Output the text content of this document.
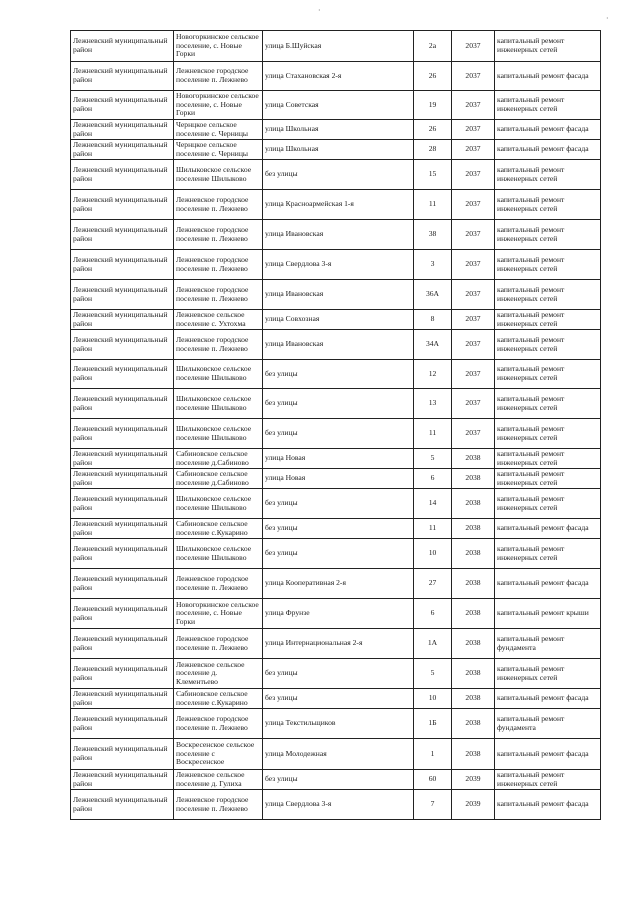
·
·
Лежневский муниципальный район	Новогоркинское сельское поселение, с. Новые Горки	улица Б.Шуйская	2а	2037	капитальный ремонт инженерных сетей
Лежневский муниципальный район	Лежневское городское поселение п. Лежнево	улица Стахановская 2-я	26	2037	капитальный ремонт фасада
Лежневский муниципальный район	Новогоркинское сельское поселение, с. Новые Горки	улица Советская	19	2037	капитальный ремонт инженерных сетей
Лежневский муниципальный район	Чернцкое сельское поселение с. Черницы	улица Школьная	26	2037	капитальный ремонт фасада
Лежневский муниципальный район	Чернцкое сельское поселение с. Черницы	улица Школьная	28	2037	капитальный ремонт фасада
Лежневский муниципальный район	Шилыковское сельское поселение Шилыково	без улицы	15	2037	капитальный ремонт инженерных сетей
Лежневский муниципальный район	Лежневское городское поселение п. Лежнево	улица Красноармейская 1-я	11	2037	капитальный ремонт инженерных сетей
Лежневский муниципальный район	Лежневское городское поселение п. Лежнево	улица Ивановская	38	2037	капитальный ремонт инженерных сетей
Лежневский муниципальный район	Лежневское городское поселение п. Лежнево	улица Свердлова 3-я	3	2037	капитальный ремонт инженерных сетей
Лежневский муниципальный район	Лежневское городское поселение п. Лежнево	улица Ивановская	36А	2037	капитальный ремонт инженерных сетей
Лежневский муниципальный район	Лежневское сельское поселение с. Ухтохма	улица Совхозная	8	2037	капитальный ремонт инженерных сетей
Лежневский муниципальный район	Лежневское городское поселение п. Лежнево	улица Ивановская	34А	2037	капитальный ремонт инженерных сетей
Лежневский муниципальный район	Шилыковское сельское поселение Шилыково	без улицы	12	2037	капитальный ремонт инженерных сетей
Лежневский муниципальный район	Шилыковское сельское поселение Шилыково	без улицы	13	2037	капитальный ремонт инженерных сетей
Лежневский муниципальный район	Шилыковское сельское поселение Шилыково	без улицы	11	2037	капитальный ремонт инженерных сетей
Лежневский муниципальный район	Сабиновское сельское поселение д.Сабиново	улица Новая	5	2038	капитальный ремонт инженерных сетей
Лежневский муниципальный район	Сабиновское сельское поселение д.Сабиново	улица Новая	6	2038	капитальный ремонт инженерных сетей
Лежневский муниципальный район	Шилыковское сельское поселение Шилыково	без улицы	14	2038	капитальный ремонт инженерных сетей
Лежневский муниципальный район	Сабиновское сельское поселение с.Кукарино	без улицы	11	2038	капитальный ремонт фасада
Лежневский муниципальный район	Шилыковское сельское поселение Шилыково	без улицы	10	2038	капитальный ремонт инженерных сетей
Лежневский муниципальный район	Лежневское городское поселение п. Лежнево	улица Кооперативная 2-я	27	2038	капитальный ремонт фасада
Лежневский муниципальный район	Новогоркинское сельское поселение, с. Новые Горки	улица Фрунзе	6	2038	капитальный ремонт крыши
Лежневский муниципальный район	Лежневское городское поселение п. Лежнево	улица Интернациональная 2-я	1А	2038	капитальный ремонт фундамента
Лежневский муниципальный район	Лежневское сельское поселение д. Клементьево	без улицы	5	2038	капитальный ремонт инженерных сетей
Лежневский муниципальный район	Сабиновское сельское поселение с.Кукарино	без улицы	10	2038	капитальный ремонт фасада
Лежневский муниципальный район	Лежневское городское поселение п. Лежнево	улица Текстильщиков	1Б	2038	капитальный ремонт фундамента
Лежневский муниципальный район	Воскресенское сельское поселение с Воскресенское	улица Молодежная	1	2038	капитальный ремонт фасада
Лежневский муниципальный район	Лежневское сельское поселение д. Гулиха	без улицы	60	2039	капитальный ремонт инженерных сетей
Лежневский муниципальный район	Лежневское городское поселение п. Лежнево	улица Свердлова 3-я	7	2039	капитальный ремонт фасада
